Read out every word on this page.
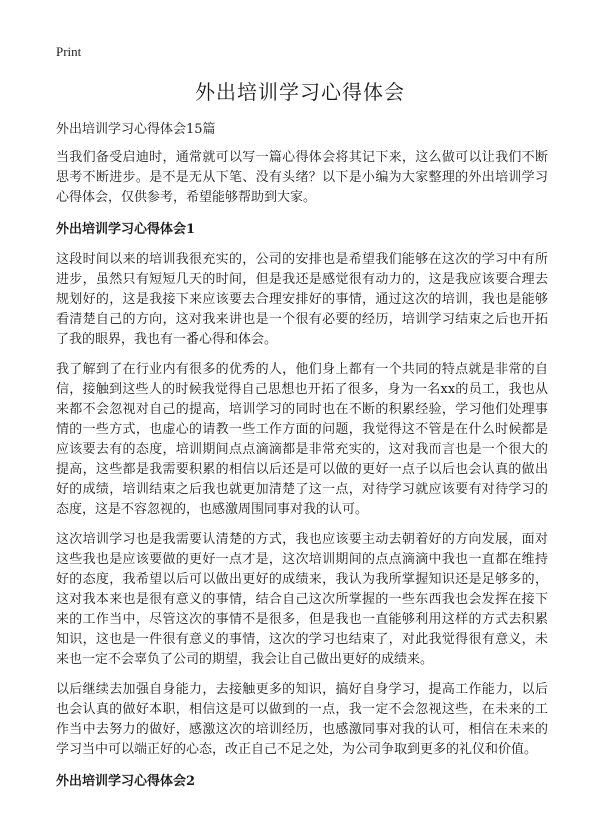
Print
外出培训学习心得体会

外出培训学习心得体会15篇

当我们备受启迪时，通常就可以写一篇心得体会将其记下来，这么做可以让我们不断思考不断进步。是不是无从下笔、没有头绪？以下是小编为大家整理的外出培训学习心得体会，仅供参考，希望能够帮助到大家。

外出培训学习心得体会1

这段时间以来的培训我很充实的，公司的安排也是希望我们能够在这次的学习中有所进步，虽然只有短短几天的时间，但是我还是感觉很有动力的，这是我应该要合理去规划好的，这是我接下来应该要去合理安排好的事情，通过这次的培训，我也是能够看清楚自己的方向，这对我来讲也是一个很有必要的经历，培训学习结束之后也开拓了我的眼界，我也有一番心得和体会。

我了解到了在行业内有很多的优秀的人，他们身上都有一个共同的特点就是非常的自信，接触到这些人的时候我觉得自己思想也开拓了很多，身为一名xx的员工，我也从来都不会忽视对自己的提高，培训学习的同时也在不断的积累经验，学习他们处理事情的一些方式，也虚心的请教一些工作方面的问题，我觉得这不管是在什么时候都是应该要去有的态度，培训期间点点滴滴都是非常充实的，这对我而言也是一个很大的提高，这些都是我需要积累的相信以后还是可以做的更好一点子以后也会认真的做出好的成绩，培训结束之后我也就更加清楚了这一点，对待学习就应该要有对待学习的态度，这是不容忽视的，也感激周围同事对我的认可。

这次培训学习也是我需要认清楚的方式，我也应该要主动去朝着好的方向发展，面对这些我也是应该要做的更好一点才是，这次培训期间的点点滴滴中我也一直都在维持好的态度，我希望以后可以做出更好的成绩来，我认为我所掌握知识还是足够多的，这对我本来也是很有意义的事情，结合自己这次所掌握的一些东西我也会发挥在接下来的工作当中，尽管这次的事情不是很多，但是我也一直能够利用这样的方式去积累知识，这也是一件很有意义的事情，这次的学习也结束了，对此我觉得很有意义，未来也一定不会辜负了公司的期望，我会让自己做出更好的成绩来。

以后继续去加强自身能力，去接触更多的知识，搞好自身学习，提高工作能力，以后也会认真的做好本职，相信这是可以做到的一点，我一定不会忽视这些，在未来的工作当中去努力的做好，感激这次的培训经历，也感激同事对我的认可，相信在未来的学习当中可以端正好的心态，改正自己不足之处，为公司争取到更多的礼仪和价值。

外出培训学习心得体会2
